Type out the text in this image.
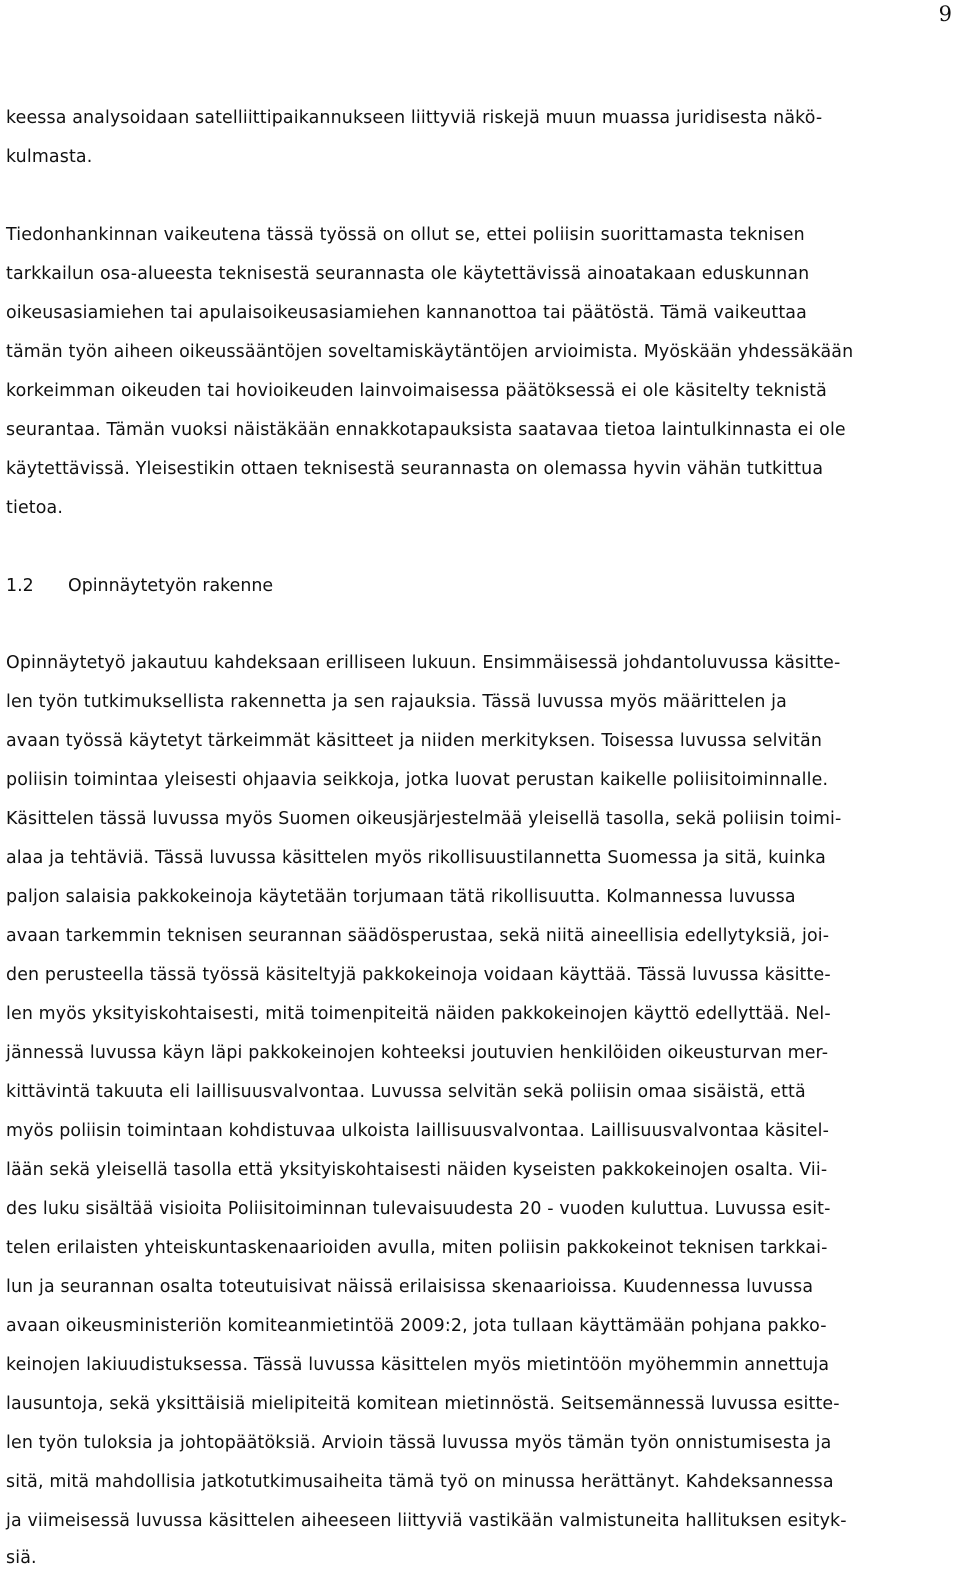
9
keessa analysoidaan satelliittipaikannukseen liittyviä riskejä muun muassa juridisesta näkö-
kulmasta.
Tiedonhankinnan vaikeutena tässä työssä on ollut se, ettei poliisin suorittamasta teknisen
tarkkailun osa-alueesta teknisestä seurannasta ole käytettävissä ainoatakaan eduskunnan
oikeusasiamiehen tai apulaisoikeusasiamiehen kannanottoa tai päätöstä. Tämä vaikeuttaa
tämän työn aiheen oikeussääntöjen soveltamiskäytäntöjen arvioimista. Myöskään yhdessäkään
korkeimman oikeuden tai hovioikeuden lainvoimaisessa päätöksessä ei ole käsitelty teknistä
seurantaa. Tämän vuoksi näistäkään ennakkotapauksista saatavaa tietoa laintulkinnasta ei ole
käytettävissä. Yleisestikin ottaen teknisestä seurannasta on olemassa hyvin vähän tutkittua
tietoa.
1.2 Opinnäytetyön rakenne
Opinnäytetyö jakautuu kahdeksaan erilliseen lukuun. Ensimmäisessä johdantoluvussa käsitte-
len työn tutkimuksellista rakennetta ja sen rajauksia. Tässä luvussa myös määrittelen ja
avaan työssä käytetyt tärkeimmät käsitteet ja niiden merkityksen. Toisessa luvussa selvitän
poliisin toimintaa yleisesti ohjaavia seikkoja, jotka luovat perustan kaikelle poliisitoiminnalle.
Käsittelen tässä luvussa myös Suomen oikeusjärjestelmää yleisellä tasolla, sekä poliisin toimi-
alaa ja tehtäviä. Tässä luvussa käsittelen myös rikollisuustilannetta Suomessa ja sitä, kuinka
paljon salaisia pakkokeinoja käytetään torjumaan tätä rikollisuutta. Kolmannessa luvussa
avaan tarkemmin teknisen seurannan säädösperustaa, sekä niitä aineellisia edellytyksiä, joi-
den perusteella tässä työssä käsiteltyjä pakkokeinoja voidaan käyttää. Tässä luvussa käsitte-
len myös yksityiskohtaisesti, mitä toimenpiteitä näiden pakkokeinojen käyttö edellyttää. Nel-
jännessä luvussa käyn läpi pakkokeinojen kohteeksi joutuvien henkilöiden oikeusturvan mer-
kittävintä takuuta eli laillisuusvalvontaa. Luvussa selvitän sekä poliisin omaa sisäistä, että
myös poliisin toimintaan kohdistuvaa ulkoista laillisuusvalvontaa. Laillisuusvalvontaa käsitel-
lään sekä yleisellä tasolla että yksityiskohtaisesti näiden kyseisten pakkokeinojen osalta. Vii-
des luku sisältää visioita Poliisitoiminnan tulevaisuudesta 20 - vuoden kuluttua. Luvussa esit-
telen erilaisten yhteiskuntaskenaarioiden avulla, miten poliisin pakkokeinot teknisen tarkkai-
lun ja seurannan osalta toteutuisivat näissä erilaisissa skenaarioissa. Kuudennessa luvussa
avaan oikeusministeriön komiteanmietintöä 2009:2, jota tullaan käyttämään pohjana pakko-
keinojen lakiuudistuksessa. Tässä luvussa käsittelen myös mietintöön myöhemmin annettuja
lausuntoja, sekä yksittäisiä mielipiteitä komitean mietinnöstä. Seitsemännessä luvussa esitte-
len työn tuloksia ja johtopäätöksiä. Arvioin tässä luvussa myös tämän työn onnistumisesta ja
sitä, mitä mahdollisia jatkotutkimusaiheita tämä työ on minussa herättänyt. Kahdeksannessa
ja viimeisessä luvussa käsittelen aiheeseen liittyviä vastikään valmistuneita hallituksen esityk-
siä.
